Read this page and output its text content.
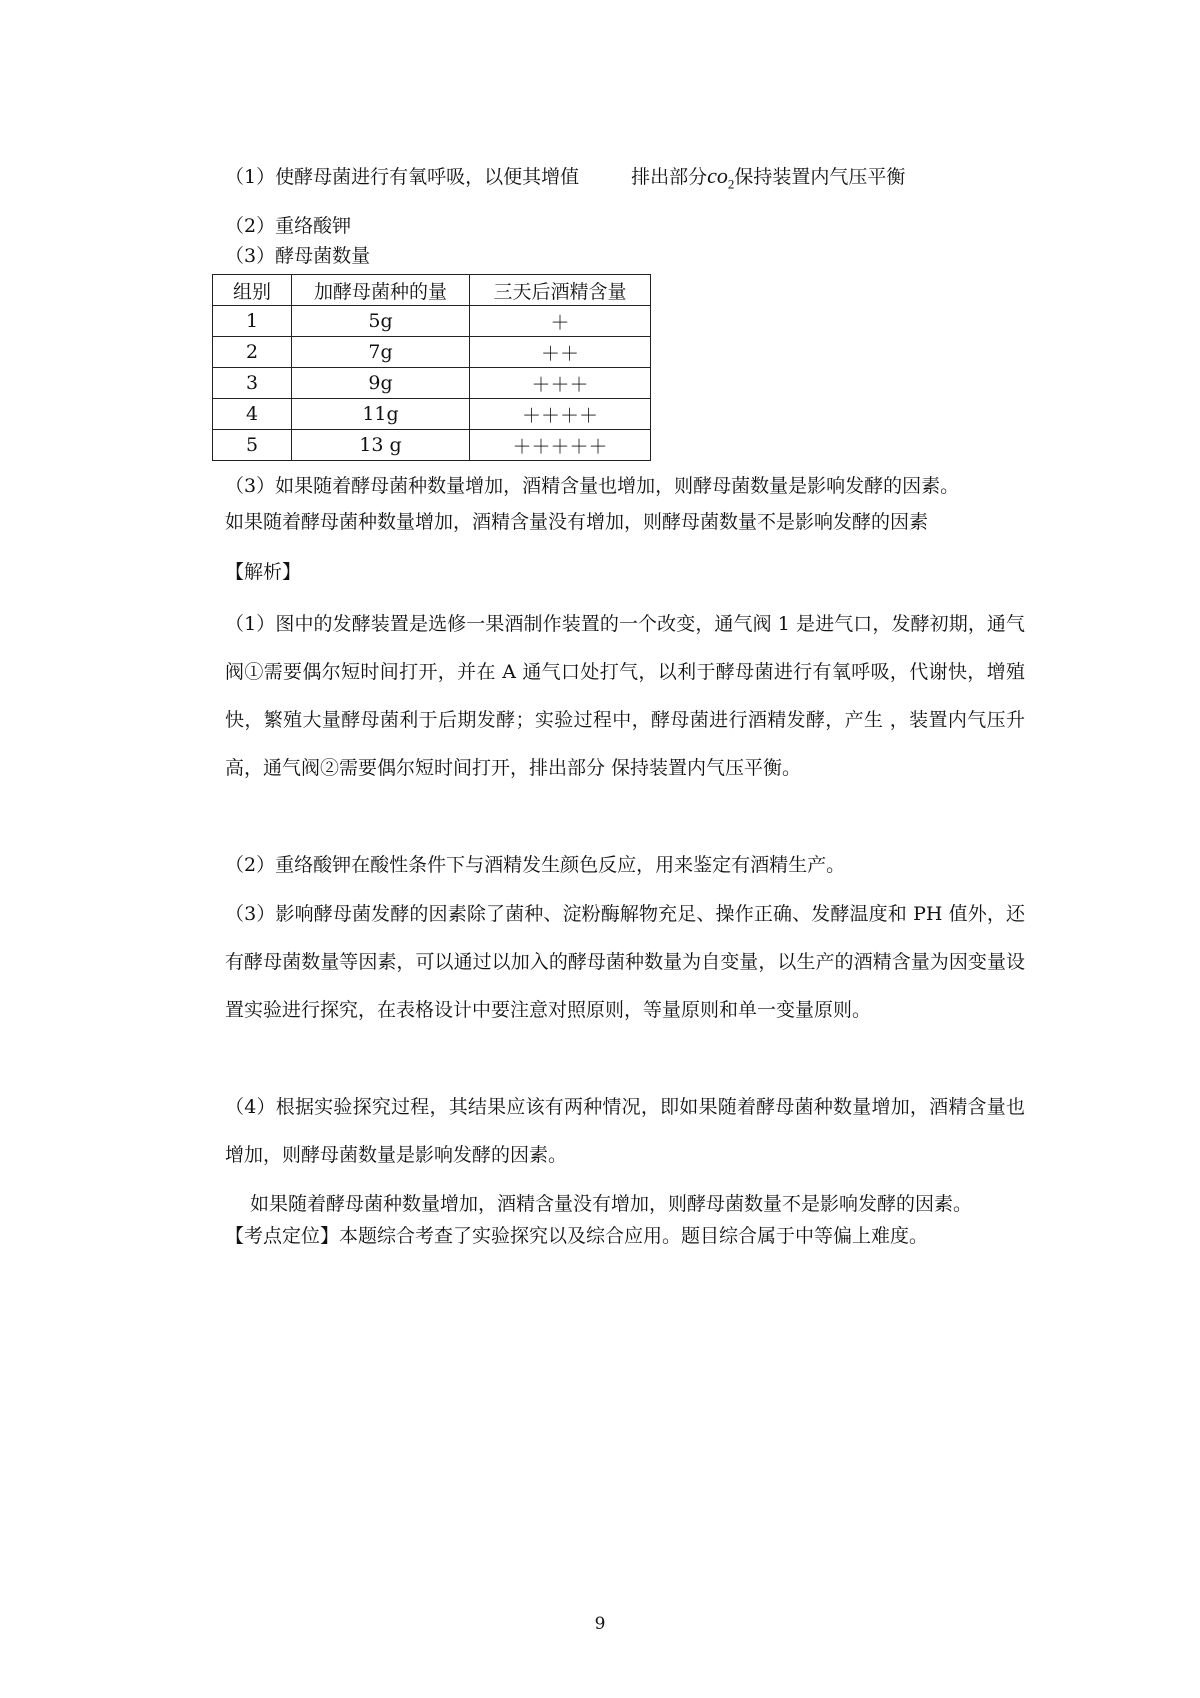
（1）使酵母菌进行有氧呼吸，以便其增值	排出部分$co_2$保持装置内气压平衡
（2）重络酸钾
（3）酵母菌数量
组别	加酵母菌种的量	三天后酒精含量
1	5g	＋
2	7g	＋＋
3	9g	＋＋＋
4	11g	＋＋＋＋
5	13 g	＋＋＋＋＋
（3）如果随着酵母菌种数量增加，酒精含量也增加，则酵母菌数量是影响发酵的因素。
如果随着酵母菌种数量增加，酒精含量没有增加，则酵母菌数量不是影响发酵的因素
【解析】
（1）图中的发酵装置是选修一果酒制作装置的一个改变，通气阀 1 是进气口，发酵初期，通气阀①需要偶尔短时间打开，并在 A 通气口处打气，以利于酵母菌进行有氧呼吸，代谢快，增殖快，繁殖大量酵母菌利于后期发酵；实验过程中，酵母菌进行酒精发酵，产生 ，装置内气压升高，通气阀②需要偶尔短时间打开，排出部分 保持装置内气压平衡。
（2）重络酸钾在酸性条件下与酒精发生颜色反应，用来鉴定有酒精生产。
（3）影响酵母菌发酵的因素除了菌种、淀粉酶解物充足、操作正确、发酵温度和 PH 值外，还有酵母菌数量等因素，可以通过以加入的酵母菌种数量为自变量，以生产的酒精含量为因变量设置实验进行探究，在表格设计中要注意对照原则，等量原则和单一变量原则。
（4）根据实验探究过程，其结果应该有两种情况，即如果随着酵母菌种数量增加，酒精含量也增加，则酵母菌数量是影响发酵的因素。
如果随着酵母菌种数量增加，酒精含量没有增加，则酵母菌数量不是影响发酵的因素。
【考点定位】本题综合考查了实验探究以及综合应用。题目综合属于中等偏上难度。
9
